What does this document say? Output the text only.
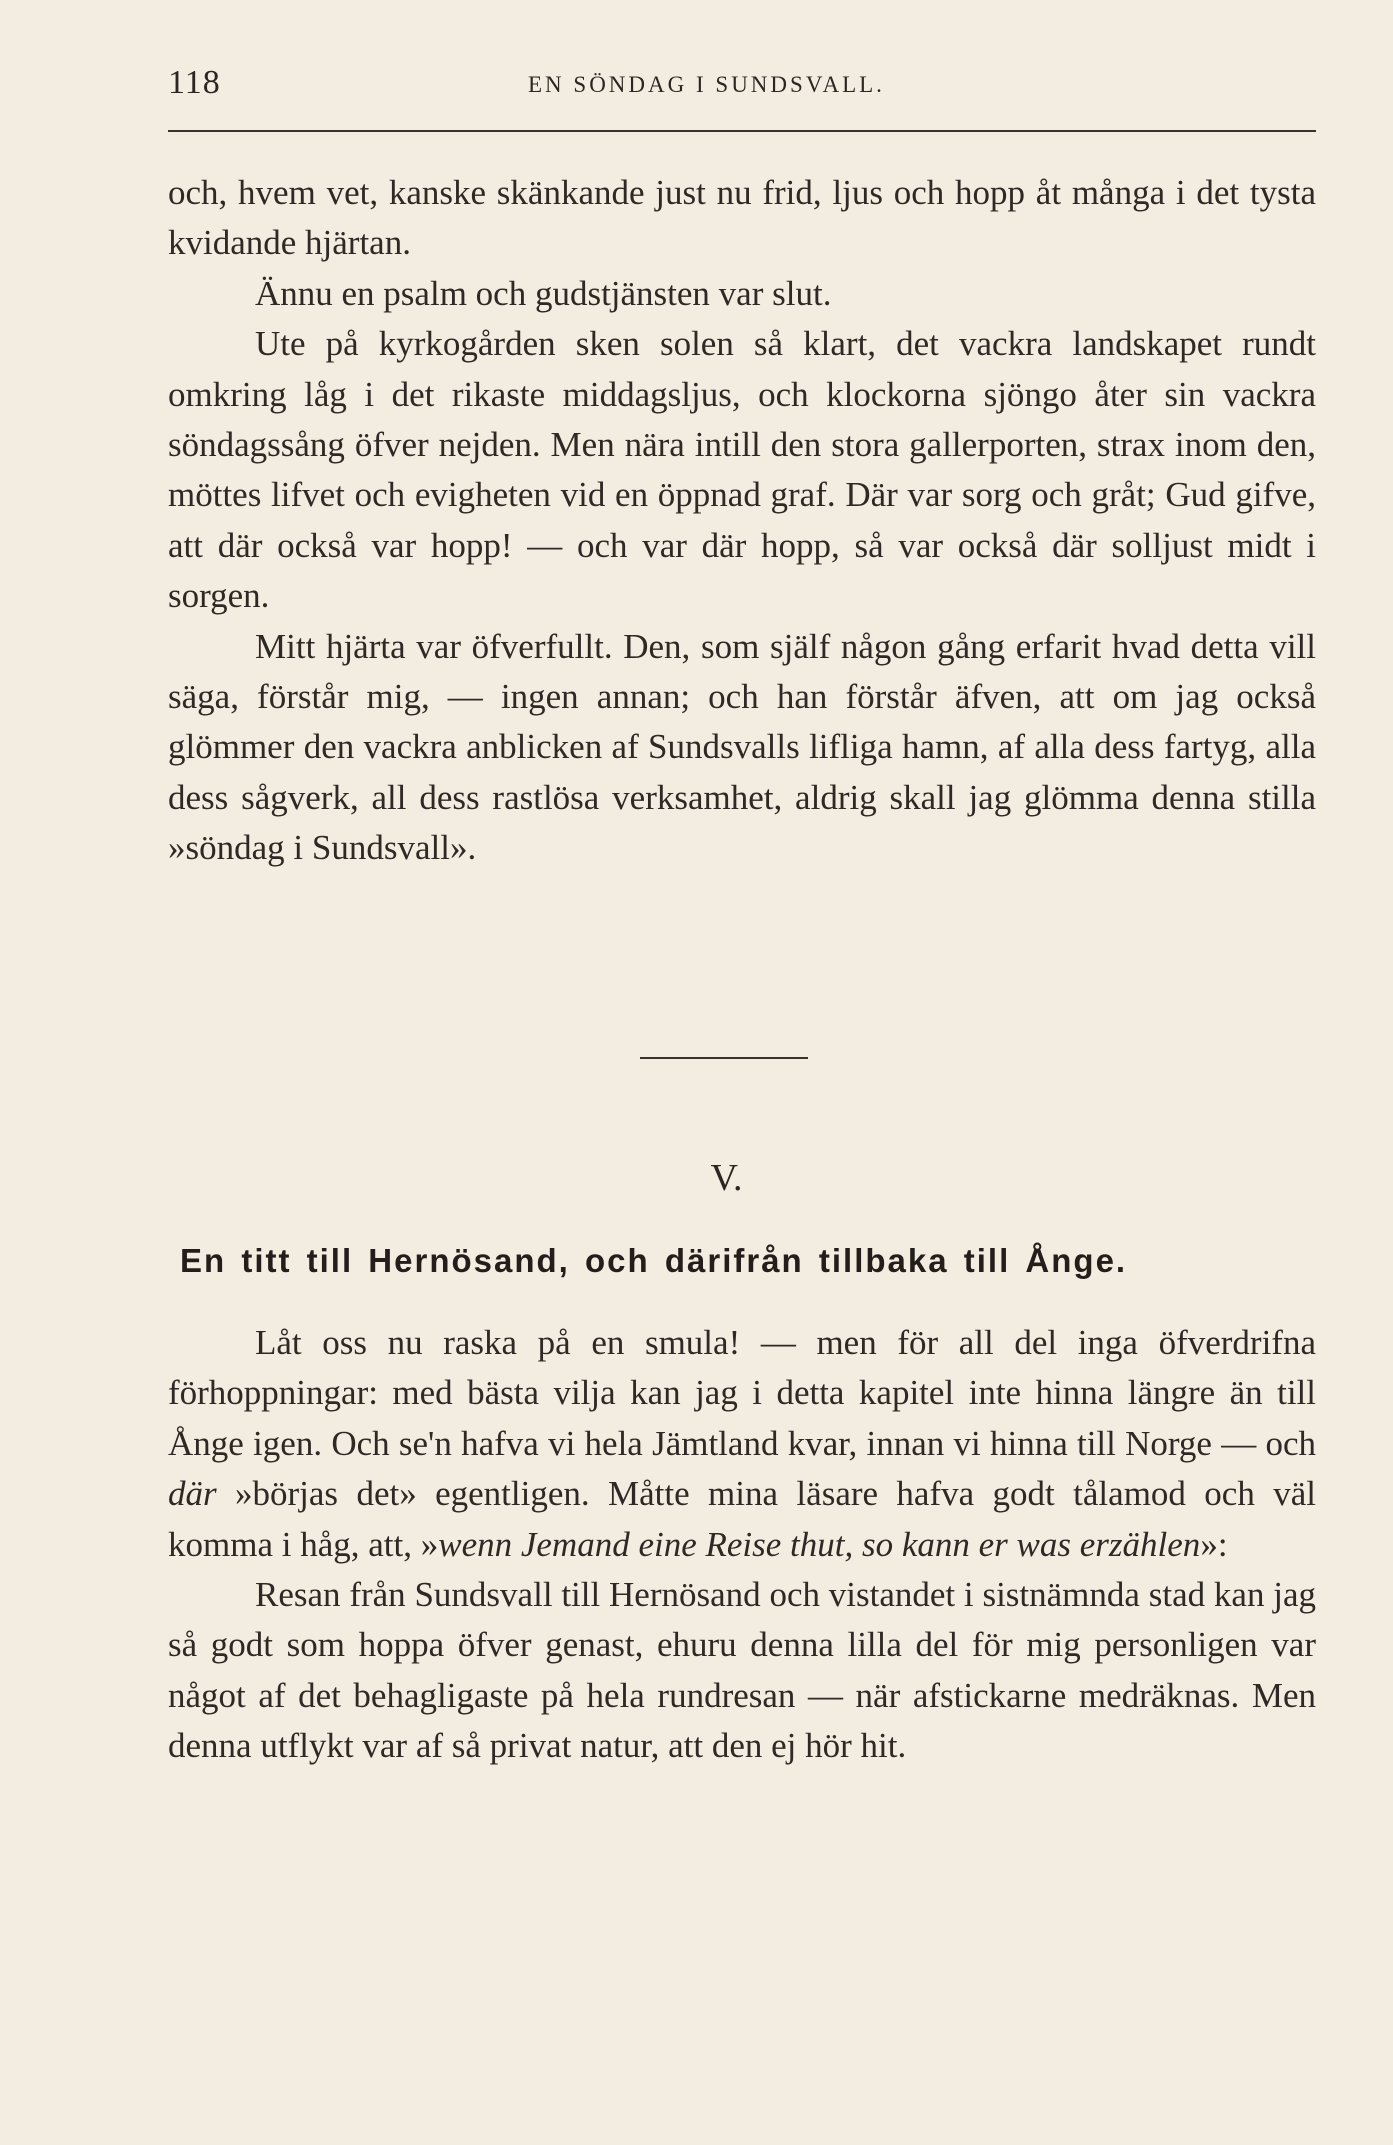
118	EN SÖNDAG I SUNDSVALL.

och, hvem vet, kanske skänkande just nu frid, ljus och hopp åt många i det tysta kvidande hjärtan.

Ännu en psalm och gudstjänsten var slut.

Ute på kyrkogården sken solen så klart, det vackra landskapet rundt omkring låg i det rikaste middagsljus, och klockorna sjöngo åter sin vackra söndagssång öfver nejden. Men nära intill den stora gallerporten, strax inom den, möttes lifvet och evigheten vid en öppnad graf. Där var sorg och gråt; Gud gifve, att där också var hopp! — och var där hopp, så var också där solljust midt i sorgen.

Mitt hjärta var öfverfullt. Den, som själf någon gång erfarit hvad detta vill säga, förstår mig, — ingen annan; och han förstår äfven, att om jag också glömmer den vackra anblicken af Sundsvalls lifliga hamn, af alla dess fartyg, alla dess sågverk, all dess rastlösa verksamhet, aldrig skall jag glömma denna stilla »söndag i Sundsvall».

V.
En titt till Hernösand, och därifrån tillbaka till Ånge.

Låt oss nu raska på en smula! — men för all del inga öfverdrifna förhoppningar: med bästa vilja kan jag i detta kapitel inte hinna längre än till Ånge igen. Och se'n hafva vi hela Jämtland kvar, innan vi hinna till Norge — och där »börjas det» egentligen. Måtte mina läsare hafva godt tålamod och väl komma i håg, att, »wenn Jemand eine Reise thut, so kann er was erzählen»:

Resan från Sundsvall till Hernösand och vistandet i sistnämnda stad kan jag så godt som hoppa öfver genast, ehuru denna lilla del för mig personligen var något af det behagligaste på hela rundresan — när afstickarne medräknas. Men denna utflykt var af så privat natur, att den ej hör hit.
